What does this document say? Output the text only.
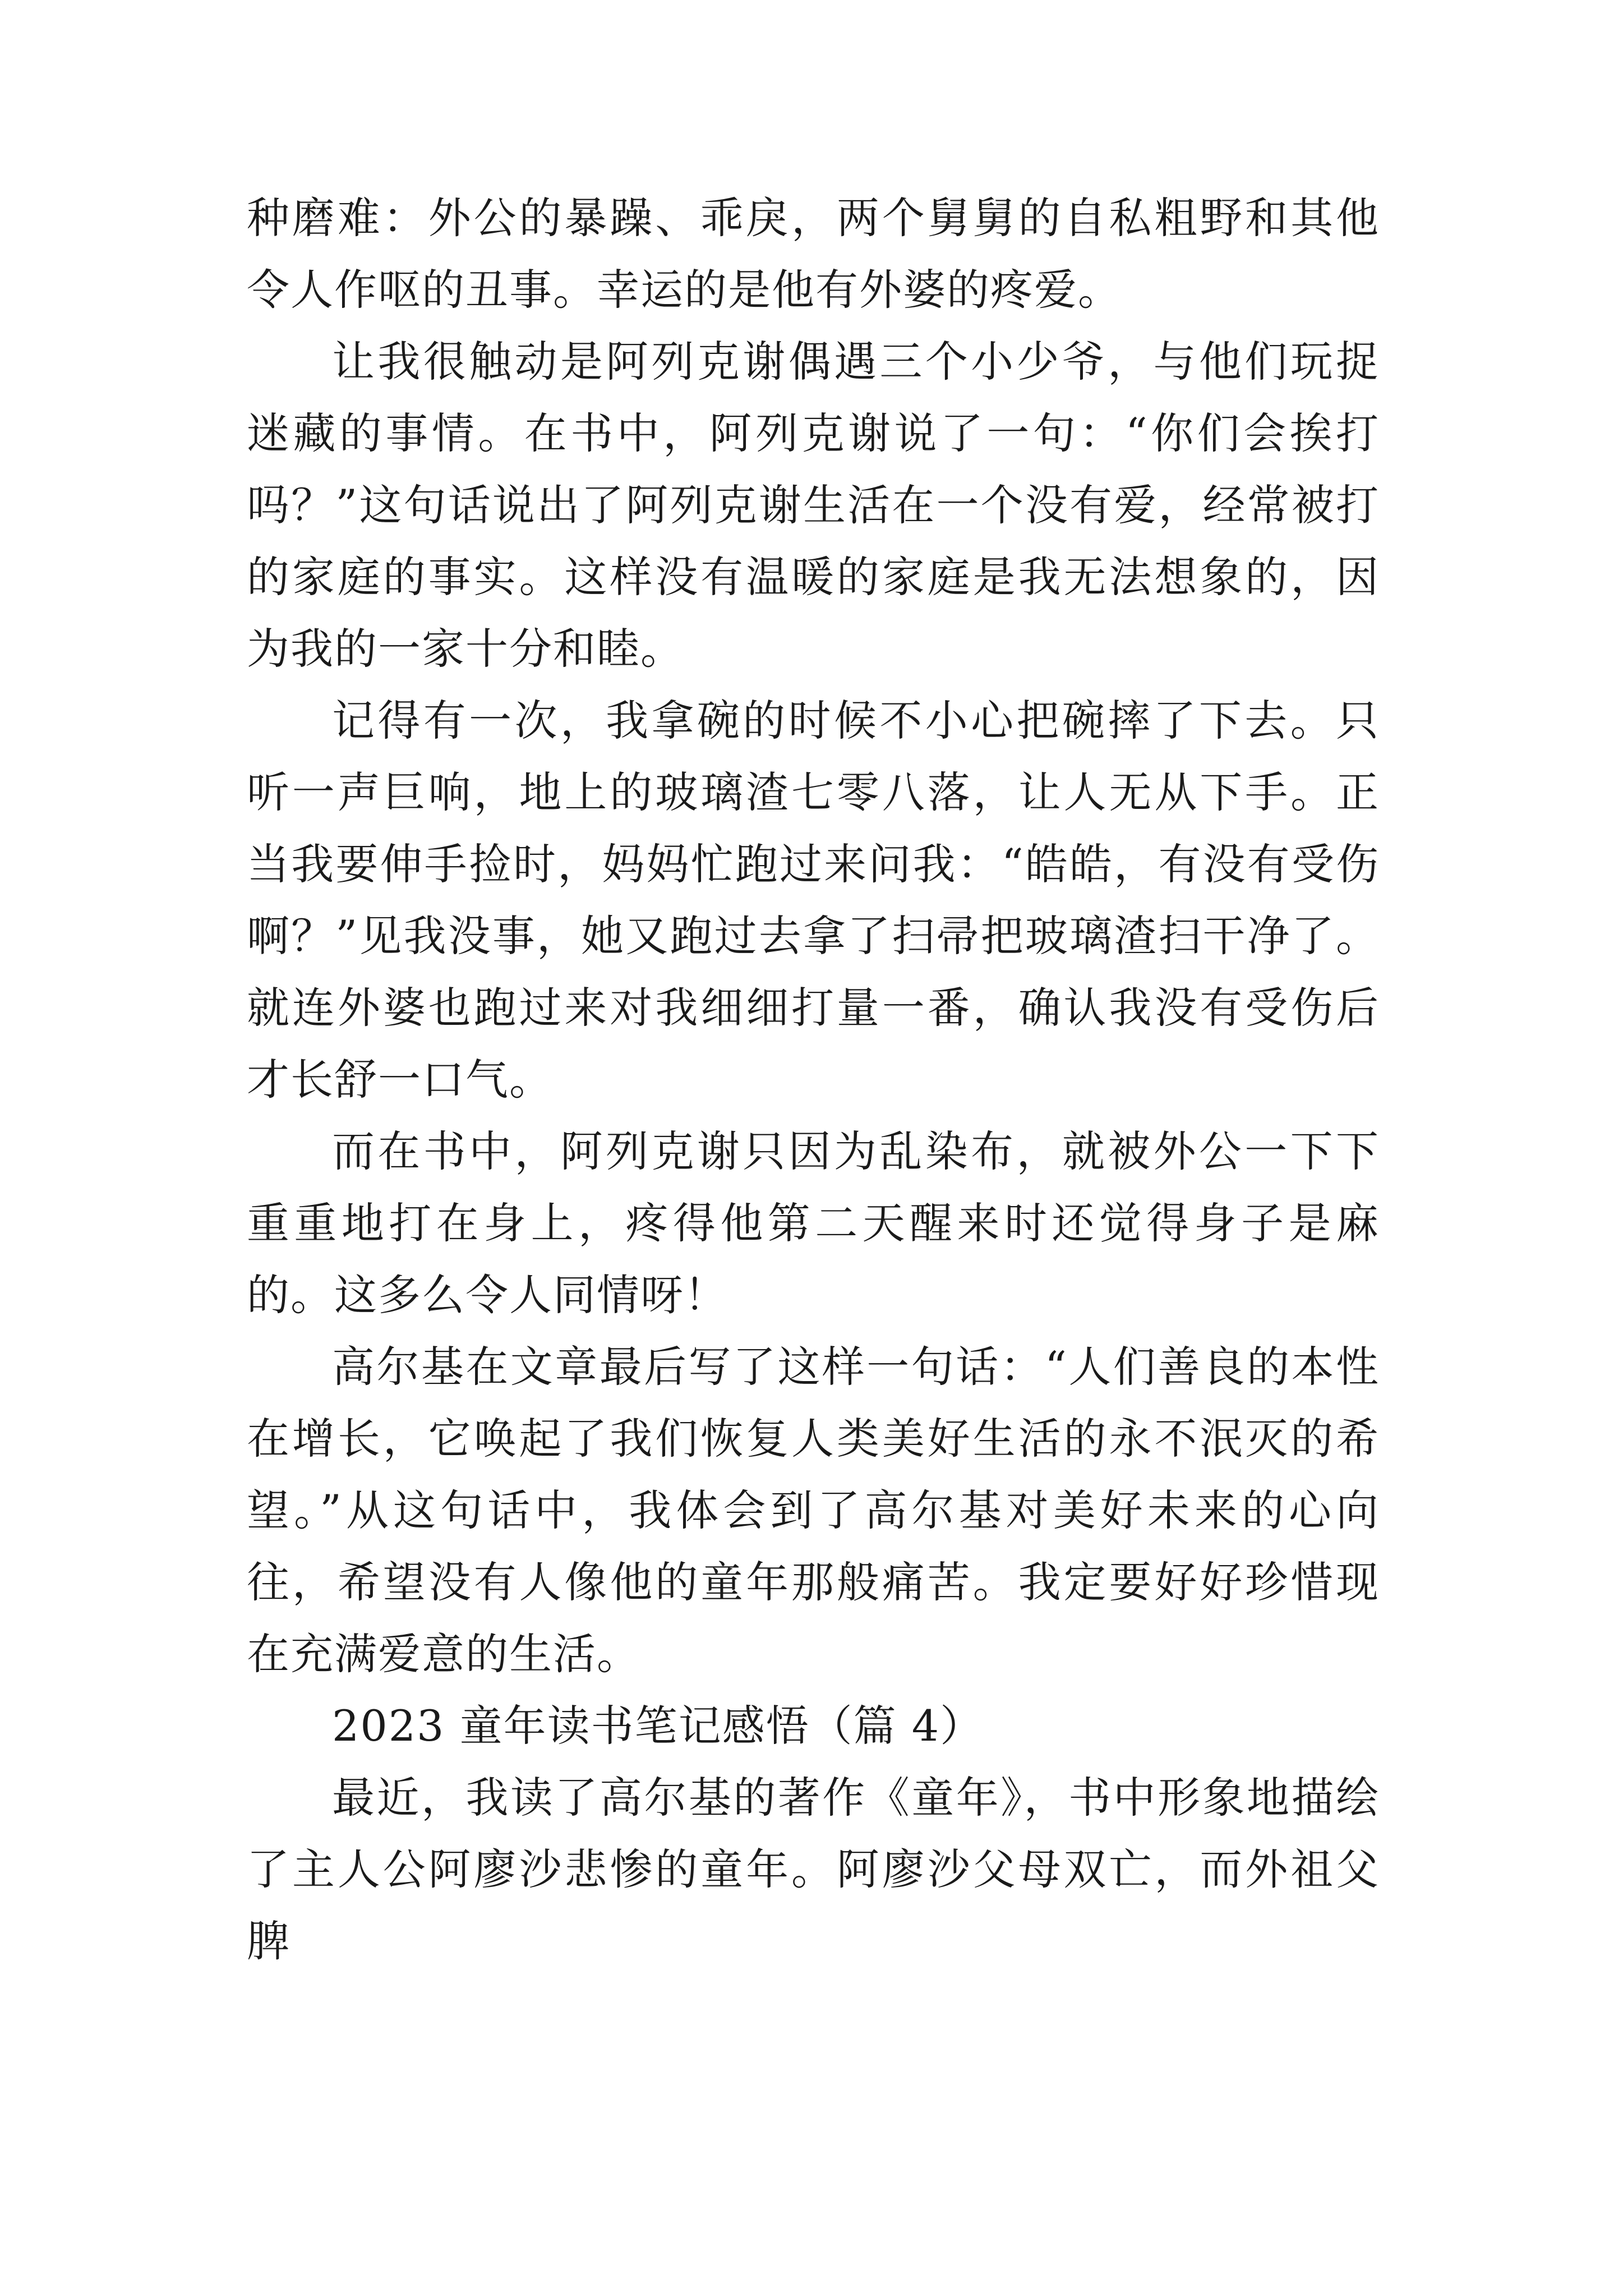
种磨难：外公的暴躁、乖戾，两个舅舅的自私粗野和其他令人作呕的丑事。幸运的是他有外婆的疼爱。

让我很触动是阿列克谢偶遇三个小少爷，与他们玩捉迷藏的事情。在书中，阿列克谢说了一句：“你们会挨打吗？”这句话说出了阿列克谢生活在一个没有爱，经常被打的家庭的事实。这样没有温暖的家庭是我无法想象的，因为我的一家十分和睦。

记得有一次，我拿碗的时候不小心把碗摔了下去。只听一声巨响，地上的玻璃渣七零八落，让人无从下手。正当我要伸手捡时，妈妈忙跑过来问我：“皓皓，有没有受伤啊？”见我没事，她又跑过去拿了扫帚把玻璃渣扫干净了。就连外婆也跑过来对我细细打量一番，确认我没有受伤后才长舒一口气。

而在书中，阿列克谢只因为乱染布，就被外公一下下重重地打在身上，疼得他第二天醒来时还觉得身子是麻的。这多么令人同情呀！

高尔基在文章最后写了这样一句话：“人们善良的本性在增长，它唤起了我们恢复人类美好生活的永不泯灭的希望。”从这句话中，我体会到了高尔基对美好未来的心向往，希望没有人像他的童年那般痛苦。我定要好好珍惜现在充满爱意的生活。

2023 童年读书笔记感悟（篇 4）

最近，我读了高尔基的著作《童年》，书中形象地描绘了主人公阿廖沙悲惨的童年。阿廖沙父母双亡，而外祖父脾
